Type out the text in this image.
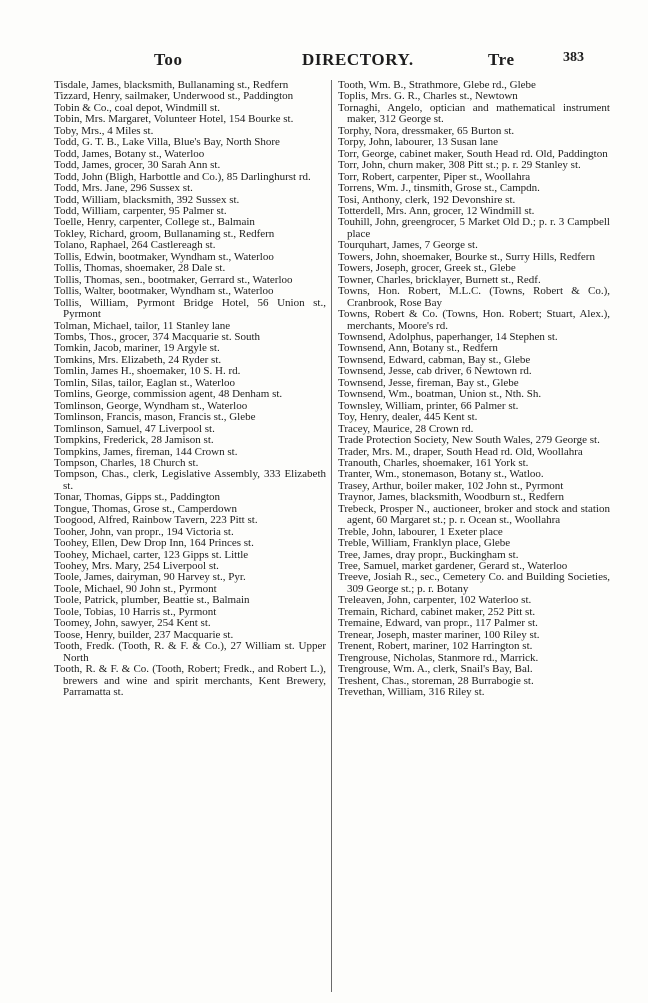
Too	DIRECTORY.	Tre	383
Tisdale, James, blacksmith, Bullanaming st., Redfern
Tizzard, Henry, sailmaker, Underwood st., Paddington
Tobin & Co., coal depot, Windmill st.
Tobin, Mrs. Margaret, Volunteer Hotel, 154 Bourke st.
Toby, Mrs., 4 Miles st.
Todd, G. T. B., Lake Villa, Blue's Bay, North Shore
Todd, James, Botany st., Waterloo
Todd, James, grocer, 30 Sarah Ann st.
Todd, John (Bligh, Harbottle and Co.), 85 Darlinghurst rd.
Todd, Mrs. Jane, 296 Sussex st.
Todd, William, blacksmith, 392 Sussex st.
Todd, William, carpenter, 95 Palmer st.
Toelle, Henry, carpenter, College st., Balmain
Tokley, Richard, groom, Bullanaming st., Redfern
Tolano, Raphael, 264 Castlereagh st.
Tollis, Edwin, bootmaker, Wyndham st., Waterloo
Tollis, Thomas, shoemaker, 28 Dale st.
Tollis, Thomas, sen., bootmaker, Gerrard st., Waterloo
Tollis, Walter, bootmaker, Wyndham st., Waterloo
Tollis, William, Pyrmont Bridge Hotel, 56 Union st., Pyrmont
Tolman, Michael, tailor, 11 Stanley lane
Tombs, Thos., grocer, 374 Macquarie st. South
Tomkin, Jacob, mariner, 19 Argyle st.
Tomkins, Mrs. Elizabeth, 24 Ryder st.
Tomlin, James H., shoemaker, 10 S. H. rd.
Tomlin, Silas, tailor, Eaglan st., Waterloo
Tomlins, George, commission agent, 48 Denham st.
Tomlinson, George, Wyndham st., Waterloo
Tomlinson, Francis, mason, Francis st., Glebe
Tomlinson, Samuel, 47 Liverpool st.
Tompkins, Frederick, 28 Jamison st.
Tompkins, James, fireman, 144 Crown st.
Tompson, Charles, 18 Church st.
Tompson, Chas., clerk, Legislative Assembly, 333 Elizabeth st.
Tonar, Thomas, Gipps st., Paddington
Tongue, Thomas, Grose st., Camperdown
Toogood, Alfred, Rainbow Tavern, 223 Pitt st.
Tooher, John, van propr., 194 Victoria st.
Toohey, Ellen, Dew Drop Inn, 164 Princes st.
Toohey, Michael, carter, 123 Gipps st. Little
Toohey, Mrs. Mary, 254 Liverpool st.
Toole, James, dairyman, 90 Harvey st., Pyr.
Toole, Michael, 90 John st., Pyrmont
Toole, Patrick, plumber, Beattie st., Balmain
Toole, Tobias, 10 Harris st., Pyrmont
Toomey, John, sawyer, 254 Kent st.
Toose, Henry, builder, 237 Macquarie st.
Tooth, Fredk. (Tooth, R. & F. & Co.), 27 William st. Upper North
Tooth, R. & F. & Co. (Tooth, Robert; Fredk., and Robert L.), brewers and wine and spirit merchants, Kent Brewery, Parramatta st.
Tooth, Wm. B., Strathmore, Glebe rd., Glebe
Toplis, Mrs. G. R., Charles st., Newtown
Tornaghi, Angelo, optician and mathematical instrument maker, 312 George st.
Torphy, Nora, dressmaker, 65 Burton st.
Torpy, John, labourer, 13 Susan lane
Torr, George, cabinet maker, South Head rd. Old, Paddington
Torr, John, churn maker, 308 Pitt st.; p. r. 29 Stanley st.
Torr, Robert, carpenter, Piper st., Woollahra
Torrens, Wm. J., tinsmith, Grose st., Campdn.
Tosi, Anthony, clerk, 192 Devonshire st.
Totterdell, Mrs. Ann, grocer, 12 Windmill st.
Touhill, John, greengrocer, 5 Market Old D.; p. r. 3 Campbell place
Tourquhart, James, 7 George st.
Towers, John, shoemaker, Bourke st., Surry Hills, Redfern
Towers, Joseph, grocer, Greek st., Glebe
Towner, Charles, bricklayer, Burnett st., Redf.
Towns, Hon. Robert, M.L.C. (Towns, Robert & Co.), Cranbrook, Rose Bay
Towns, Robert & Co. (Towns, Hon. Robert; Stuart, Alex.), merchants, Moore's rd.
Townsend, Adolphus, paperhanger, 14 Stephen st.
Townsend, Ann, Botany st., Redfern
Townsend, Edward, cabman, Bay st., Glebe
Townsend, Jesse, cab driver, 6 Newtown rd.
Townsend, Jesse, fireman, Bay st., Glebe
Townsend, Wm., boatman, Union st., Nth. Sh.
Townsley, William, printer, 66 Palmer st.
Toy, Henry, dealer, 445 Kent st.
Tracey, Maurice, 28 Crown rd.
Trade Protection Society, New South Wales, 279 George st.
Trader, Mrs. M., draper, South Head rd. Old, Woollahra
Tranouth, Charles, shoemaker, 161 York st.
Tranter, Wm., stonemason, Botany st., Watloo.
Trasey, Arthur, boiler maker, 102 John st., Pyrmont
Traynor, James, blacksmith, Woodburn st., Redfern
Trebeck, Prosper N., auctioneer, broker and stock and station agent, 60 Margaret st.; p. r. Ocean st., Woollahra
Treble, John, labourer, 1 Exeter place
Treble, William, Franklyn place, Glebe
Tree, James, dray propr., Buckingham st.
Tree, Samuel, market gardener, Gerard st., Waterloo
Treeve, Josiah R., sec., Cemetery Co. and Building Societies, 309 George st.; p. r. Botany
Treleaven, John, carpenter, 102 Waterloo st.
Tremain, Richard, cabinet maker, 252 Pitt st.
Tremaine, Edward, van propr., 117 Palmer st.
Trenear, Joseph, master mariner, 100 Riley st.
Trenent, Robert, mariner, 102 Harrington st.
Trengrouse, Nicholas, Stanmore rd., Marrick.
Trengrouse, Wm. A., clerk, Snail's Bay, Bal.
Treshent, Chas., storeman, 28 Burrabogie st.
Trevethan, William, 316 Riley st.
